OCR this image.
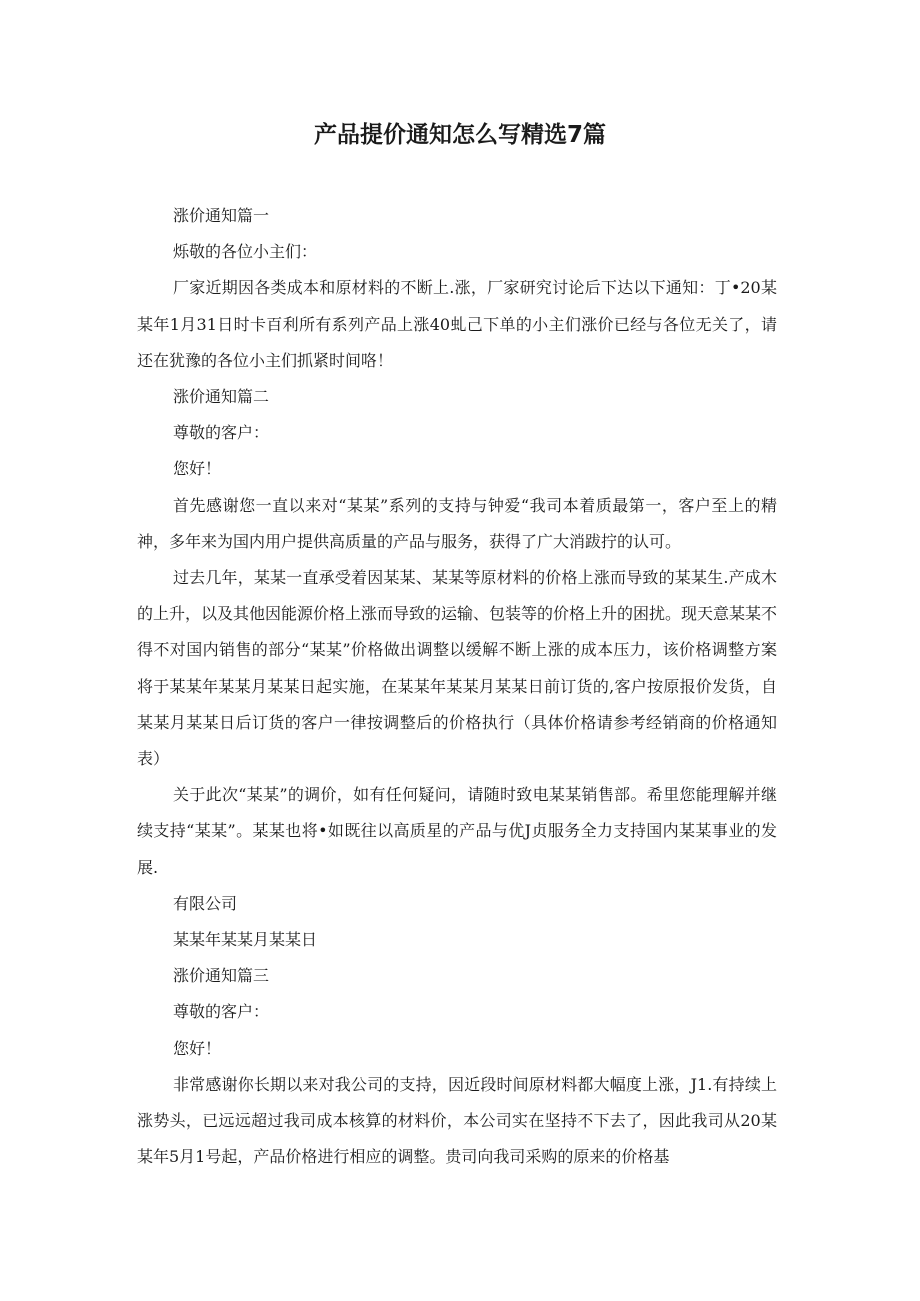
产品提价通知怎么写精选7篇

涨价通知篇一

烁敬的各位小主们：

厂家近期因各类成本和原材料的不断上.涨，厂家研究讨论后下达以下通知：丁•20某某年1月31日时卡百利所有系列产品上涨40虬己下单的小主们涨价已经与各位无关了，请还在犹豫的各位小主们抓紧时间咯！

涨价通知篇二

尊敬的客户：

您好！

首先感谢您一直以来对“某某”系列的支持与钟爱“我司本着质最第一，客户至上的精神，多年来为国内用户提供高质量的产品与服务，获得了广大消跋拧的认可。

过去几年，某某一直承受着因某某、某某等原材料的价格上涨而导致的某某生.产成木的上升，以及其他因能源价格上涨而导致的运输、包装等的价格上升的困扰。现天意某某不得不对国内销售的部分“某某”价格做出调整以缓解不断上涨的成本压力，该价格调整方案将于某某年某某月某某日起实施，在某某年某某月某某日前订货的,客户按原报价发货，自某某月某某日后订货的客户一律按调整后的价格执行（具体价格请参考经销商的价格通知表）

关于此次“某某”的调价，如有任何疑问，请随时致电某某销售部。希里您能理解并继续支持“某某”。某某也将•如既往以高质星的产品与优J贞服务全力支持国内某某事业的发展.

有限公司

某某年某某月某某日

涨价通知篇三

尊敬的客户：

您好！

非常感谢你长期以来对我公司的支持，因近段时间原材料都大幅度上涨，J1.有持续上涨势头，已远远超过我司成本核算的材料价，本公司实在坚持不下去了，因此我司从20某某年5月1号起，产品价格进行相应的调整。贵司向我司采购的原来的价格基
